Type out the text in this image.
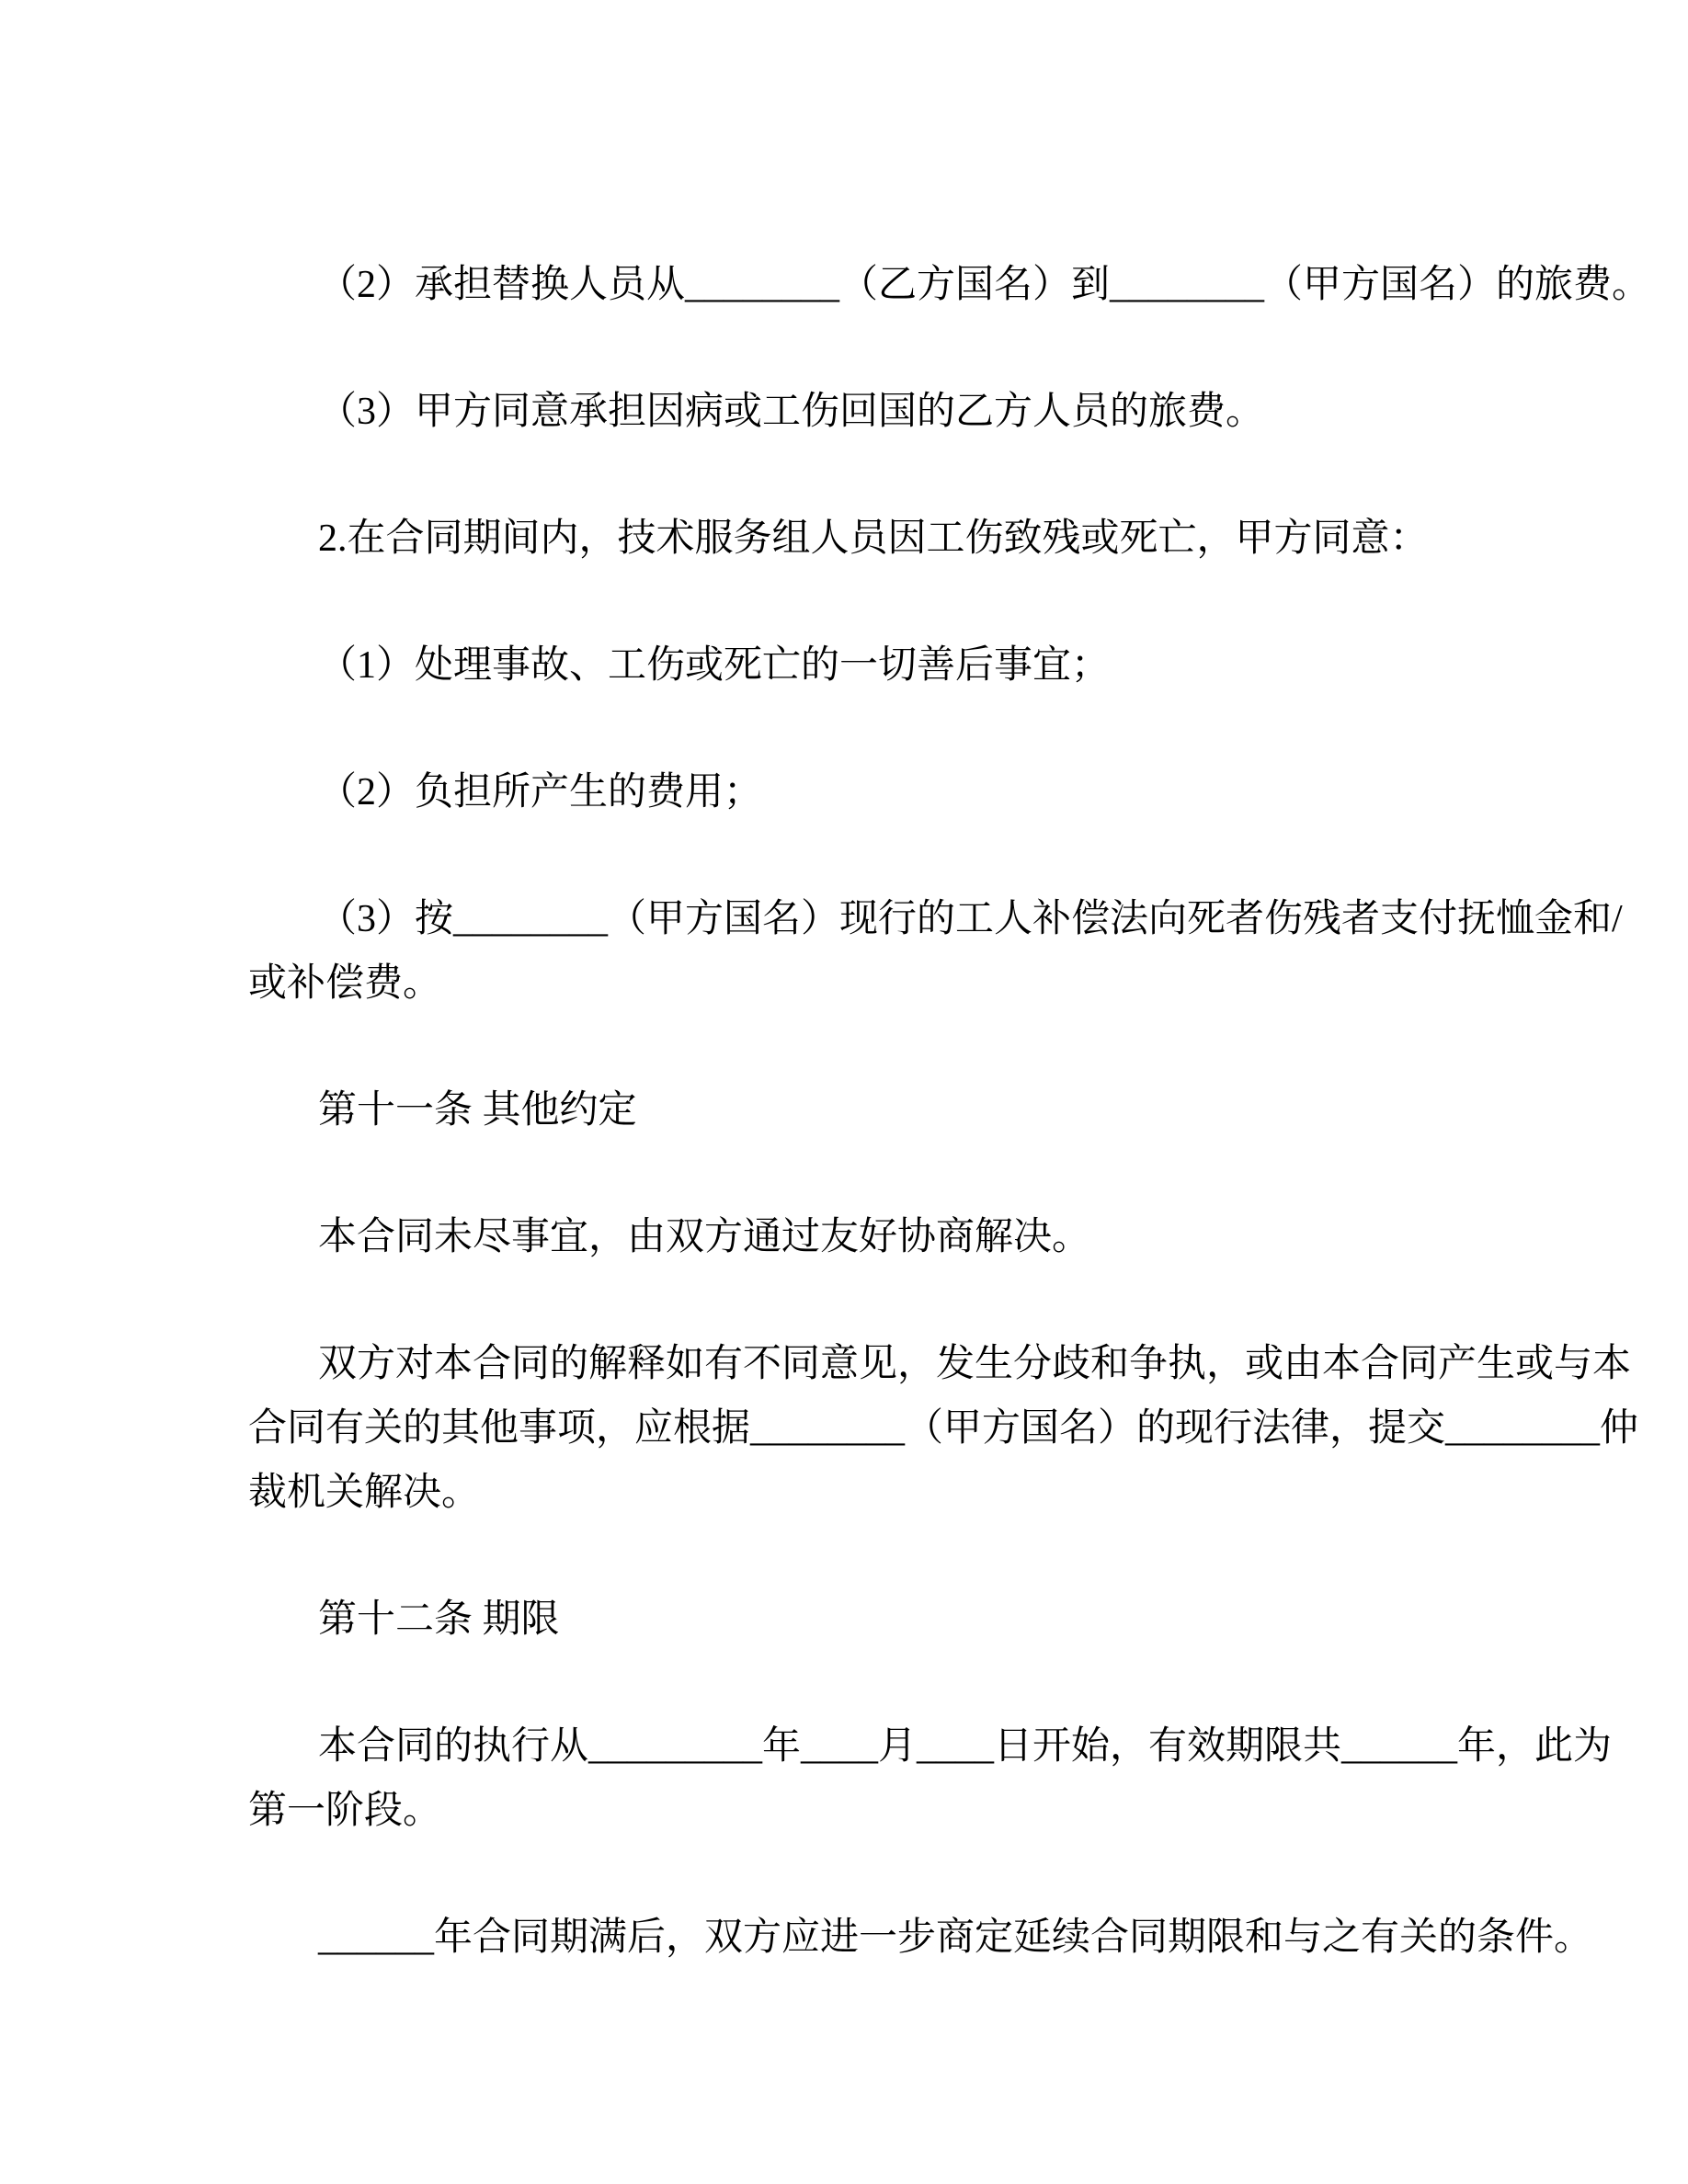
（2）承担替换人员从________（乙方国名）到________（甲方国名）的旅费。
（3）甲方同意承担因病或工伤回国的乙方人员的旅费。
2.在合同期间内，技术服务组人员因工伤致残或死亡，甲方同意：
（1）处理事故、工伤或死亡的一切善后事宜；
（2）负担所产生的费用；
（3）按________（甲方国名）现行的工人补偿法向死者伤残者支付抚恤金和/
或补偿费。
第十一条 其他约定
本合同未尽事宜，由双方通过友好协商解决。
双方对本合同的解释如有不同意见，发生分歧和争执，或由本合同产生或与本
合同有关的其他事项，应根据________（甲方国名）的现行法律，提交________仲
裁机关解决。
第十二条 期限
本合同的执行从_________年____月____日开始，有效期限共______年，此为
第一阶段。
______年合同期满后，双方应进一步商定延续合同期限和与之有关的条件。
